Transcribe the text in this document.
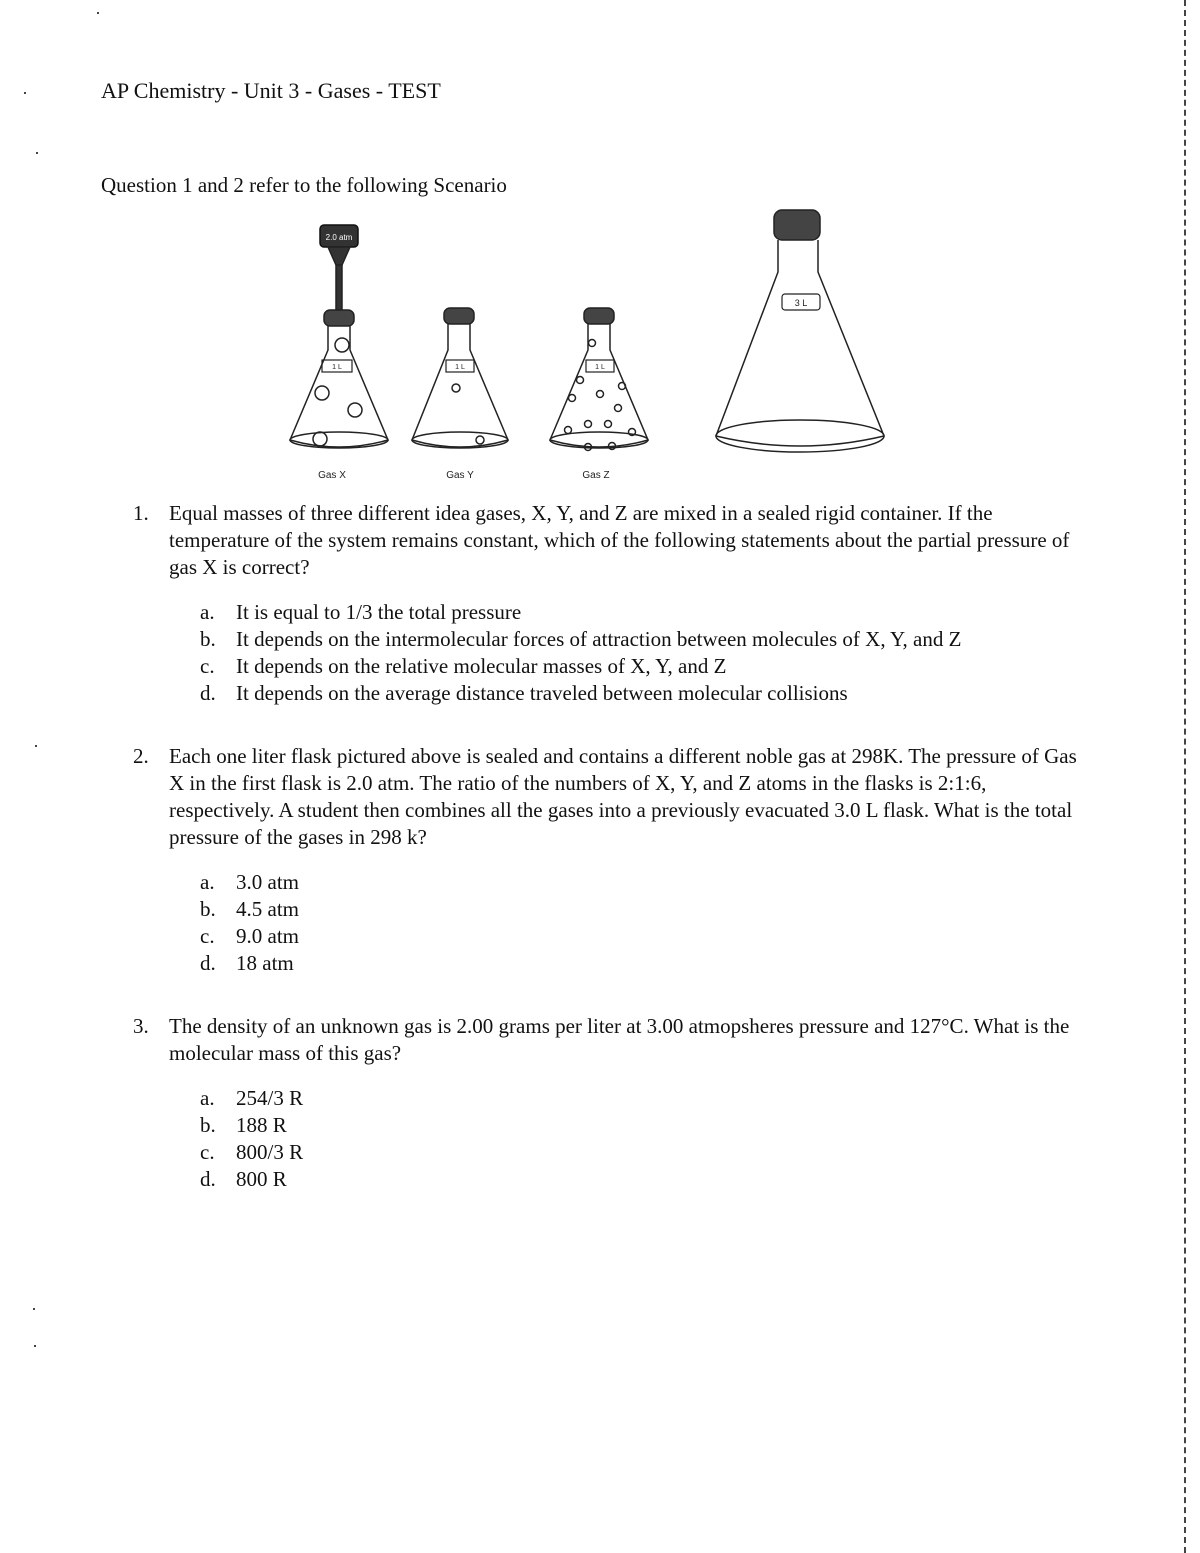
AP Chemistry - Unit 3 - Gases - TEST
Question 1 and 2 refer to the following Scenario
2.0 atm
1 L
Gas X
1 L
Gas Y
1 L
Gas Z
3 L
1. Equal masses of three different idea gases, X, Y, and Z are mixed in a sealed rigid container. If the temperature of the system remains constant, which of the following statements about the partial pressure of gas X is correct?
a.	It is equal to 1/3 the total pressure
b. It depends on the intermolecular forces of attraction between molecules of X, Y, and Z
c.	It depends on the relative molecular masses of X, Y, and Z
d. It depends on the average distance traveled between molecular collisions
2. Each one liter flask pictured above is sealed and contains a different noble gas at 298K. The pressure of Gas X in the first flask is 2.0 atm. The ratio of the numbers of X, Y, and Z atoms in the flasks is 2:1:6, respectively. A student then combines all the gases into a previously evacuated 3.0 L flask. What is the total pressure of the gases in 298 k?
a.	3.0 atm
b. 4.5 atm
c.	9.0 atm
d. 18 atm
3. The density of an unknown gas is 2.00 grams per liter at 3.00 atmopsheres pressure and 127°C. What is the molecular mass of this gas?
a.	254/3 R
b. 188 R
c.	800/3 R
d. 800 R
